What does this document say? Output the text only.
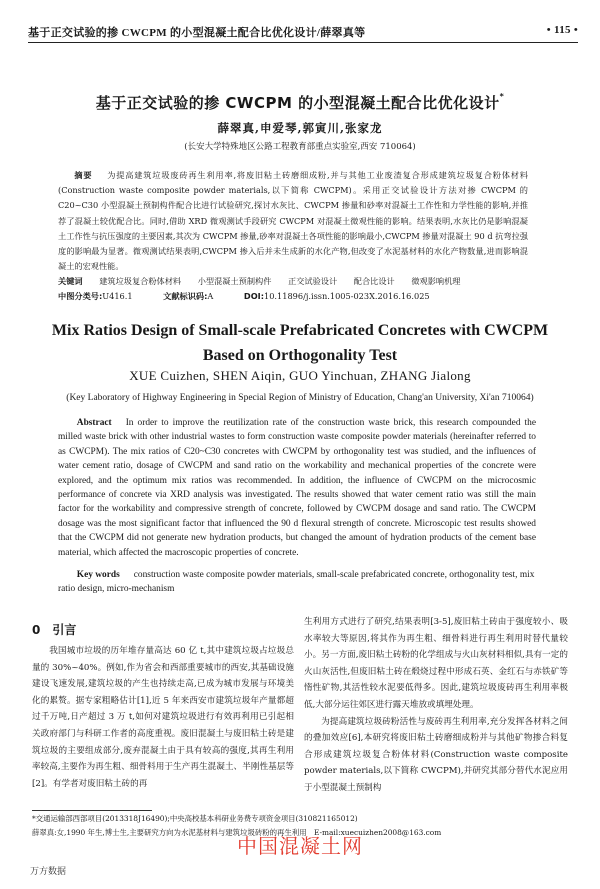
基于正交试验的掺 CWCPM 的小型混凝土配合比优化设计/薛翠真等	• 115 •
基于正交试验的掺 CWCPM 的小型混凝土配合比优化设计*
薛翠真,申爱琴,郭寅川,张家龙
(长安大学特殊地区公路工程教育部重点实验室,西安 710064)

摘要 为提高建筑垃圾废砖再生利用率,将废旧粘土砖磨细成粉,并与其他工业废渣复合形成建筑垃圾复合粉体材料(Construction waste composite powder materials,以下简称 CWCPM)。采用正交试验设计方法对掺 CWCPM 的 C20~C30 小型混凝土预制构件配合比进行试验研究,探讨水灰比、CWCPM 掺量和砂率对混凝土工作性和力学性能的影响,并推荐了混凝土较优配合比。同时,借助 XRD 微观测试手段研究 CWCPM 对混凝土微观性能的影响。结果表明,水灰比仍是影响混凝土工作性与抗压强度的主要因素,其次为 CWCPM 掺量,砂率对混凝土各项性能的影响最小,CWCPM 掺量对混凝土 90 d 抗弯拉强度的影响最为显著。微观测试结果表明,CWCPM 掺入后并未生成新的水化产物,但改变了水泥基材料的水化产物数量,进而影响混凝土的宏观性能。

关键词 建筑垃圾复合粉体材料 小型混凝土预制构件 正交试验设计 配合比设计 微观影响机理
中图分类号:U416.1	文献标识码:A	DOI:10.11896/j.issn.1005-023X.2016.16.025
Mix Ratios Design of Small-scale Prefabricated Concretes with CWCPM
Based on Orthogonality Test
XUE Cuizhen, SHEN Aiqin, GUO Yinchuan, ZHANG Jialong
(Key Laboratory of Highway Engineering in Special Region of Ministry of Education, Chang'an University, Xi'an 710064)

Abstract In order to improve the reutilization rate of the construction waste brick, this research compounded the milled waste brick with other industrial wastes to form construction waste composite powder materials (hereinafter referred to as CWCPM). The mix ratios of C20~C30 concretes with CWCPM by orthogonality test was studied, and the influences of water cement ratio, dosage of CWCPM and sand ratio on the workability and mechanical properties of the concrete were explored, and the optimum mix ratios was recommended. In addition, the influence of CWCPM on the microcosmic performance of concrete via XRD analysis was investigated. The results showed that water cement ratio was still the main factor for the workability and compressive strength of concrete, followed by CWCPM dosage and sand ratio. The CWCPM dosage was the most significant factor that influenced the 90 d flexural strength of concrete. Microscopic test results showed that the CWCPM did not generate new hydration products, but changed the amount of hydration products of the cement base material, which affected the macroscopic properties of concrete.

Key words construction waste composite powder materials, small-scale prefabricated concrete, orthogonality test, mix ratio design, micro-mechanism

0　引言

我国城市垃圾的历年堆存量高达 60 亿 t,其中建筑垃圾占垃圾总量的 30%~40%。例如,作为省会和西部重要城市的西安,其基础设施建设飞速发展,建筑垃圾的产生也持续走高,已成为城市发展与环境美化的累赘。据专家粗略估计[1],近 5 年来西安市建筑垃圾年产量都超过千万吨,日产超过 3 万 t,如何对建筑垃圾进行有效再利用已引起相关政府部门与科研工作者的高度重视。废旧混凝土与废旧粘土砖是建筑垃圾的主要组成部分,废弃混凝土由于具有较高的强度,其再生利用率较高,主要作为再生粗、细骨料用于生产再生混凝土、半刚性基层等[2]。有学者对废旧粘土砖的再

生利用方式进行了研究,结果表明[3-5],废旧粘土砖由于强度较小、吸水率较大等原因,将其作为再生粗、细骨料进行再生利用时替代量较小。另一方面,废旧粘土砖粉的化学组成与火山灰材料相似,具有一定的火山灰活性,但废旧粘土砖在煅烧过程中形成石英、金红石与赤铁矿等惰性矿物,其活性较水泥要低得多。因此,建筑垃圾废砖再生利用率极低,大部分运往郊区进行露天堆放或填埋处理。

为提高建筑垃圾砖粉活性与废砖再生利用率,充分发挥各材料之间的叠加效应[6],本研究将废旧粘土砖磨细成粉并与其他矿物掺合料复合形成建筑垃圾复合粉体材料(Construction waste composite powder materials,以下简称 CWCPM),并研究其部分替代水泥应用于小型混凝土预制构

*交通运输部西部项目(2013318J16490);中央高校基本科研业务费专项资金项目(310821165012)
薛翠真:女,1990 年生,博士生,主要研究方向为水泥基材料与建筑垃圾砖粉的再生利用　E-mail:xuecuizhen2008@163.com
中国混凝土网
万方数据
